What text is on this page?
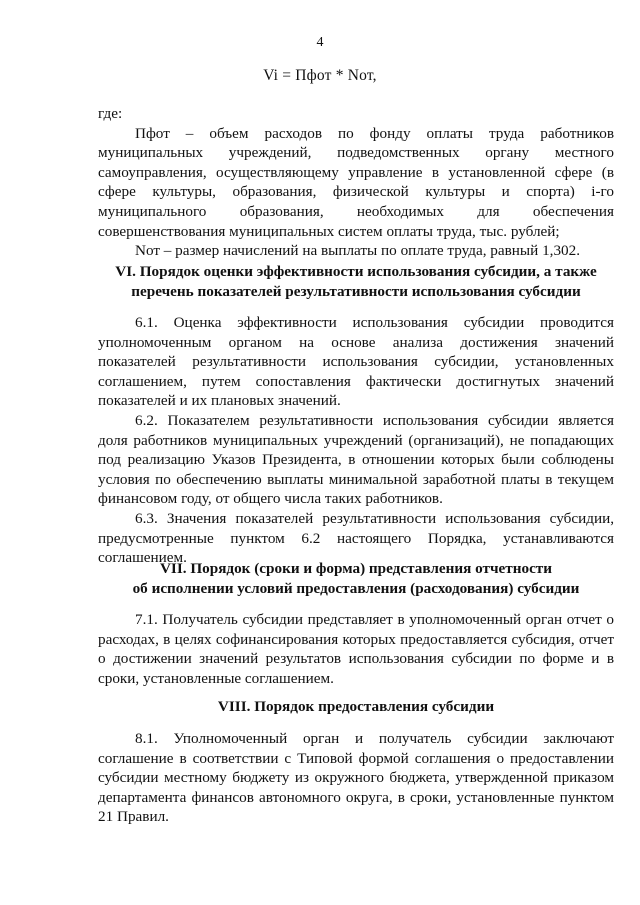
4
Vi = Пфот * Nот,

где:

Пфот – объем расходов по фонду оплаты труда работников муниципальных учреждений, подведомственных органу местного самоуправления, осуществляющему управление в установленной сфере (в сфере культуры, образования, физической культуры и спорта) i-го муниципального образования, необходимых для обеспечения совершенствования муниципальных систем оплаты труда, тыс. рублей;

Nот – размер начислений на выплаты по оплате труда, равный 1,302.

VI. Порядок оценки эффективности использования субсидии, а также
перечень показателей результативности использования субсидии

6.1. Оценка эффективности использования субсидии проводится уполномоченным органом на основе анализа достижения значений показателей результативности использования субсидии, установленных соглашением, путем сопоставления фактически достигнутых значений показателей и их плановых значений.

6.2. Показателем результативности использования субсидии является доля работников муниципальных учреждений (организаций), не попадающих под реализацию Указов Президента, в отношении которых были соблюдены условия по обеспечению выплаты минимальной заработной платы в текущем финансовом году, от общего числа таких работников.

6.3. Значения показателей результативности использования субсидии, предусмотренные пунктом 6.2 настоящего Порядка, устанавливаются соглашением.

VII. Порядок (сроки и форма) представления отчетности
об исполнении условий предоставления (расходования) субсидии

7.1. Получатель субсидии представляет в уполномоченный орган отчет о расходах, в целях софинансирования которых предоставляется субсидия, отчет о достижении значений результатов использования субсидии по форме и в сроки, установленные соглашением.

VIII. Порядок предоставления субсидии

8.1. Уполномоченный орган и получатель субсидии заключают соглашение в соответствии с Типовой формой соглашения о предоставлении субсидии местному бюджету из окружного бюджета, утвержденной приказом департамента финансов автономного округа, в сроки, установленные пунктом 21 Правил.
